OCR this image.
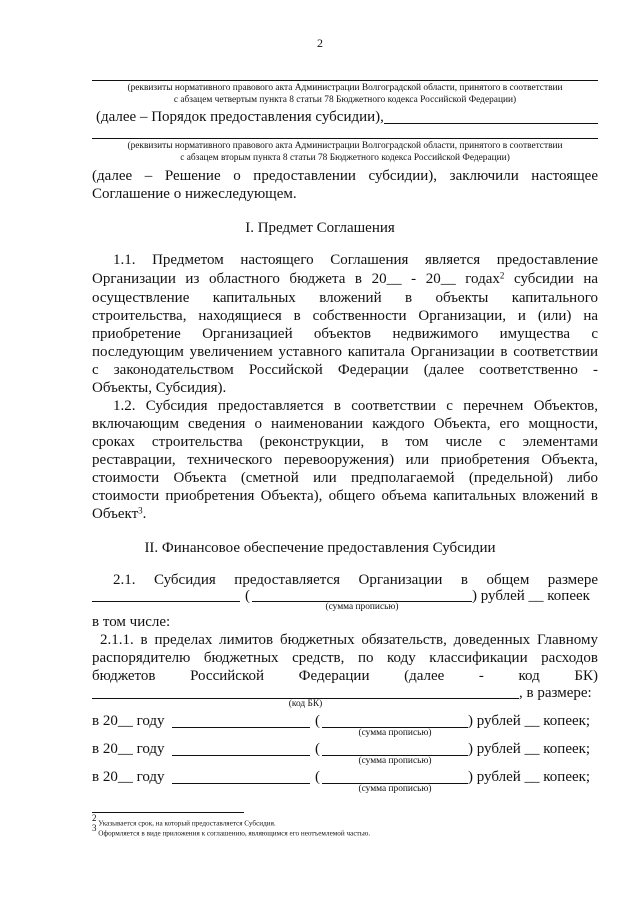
2
(реквизиты нормативного правового акта Администрации Волгоградской области, принятого в соответствии
с абзацем четвертым пункта 8 статьи 78 Бюджетного кодекса Российской Федерации)
(далее – Порядок предоставления субсидии),
(реквизиты нормативного правового акта Администрации Волгоградской области, принятого в соответствии
с абзацем вторым пункта 8 статьи 78 Бюджетного кодекса Российской Федерации)
(далее – Решение о предоставлении субсидии), заключили настоящее
Соглашение о нижеследующем.
I. Предмет Соглашения
1.1. Предметом настоящего Соглашения является предоставление
Организации из областного бюджета в 20__ - 20__ годах$^2$ субсидии на
осуществление капитальных вложений в объекты капитального
строительства, находящиеся в собственности Организации, и (или) на
приобретение Организацией объектов недвижимого имущества с
последующим увеличением уставного капитала Организации в соответствии
с законодательством Российской Федерации (далее соответственно -
Объекты, Субсидия).
1.2. Субсидия предоставляется в соответствии с перечнем Объектов,
включающим сведения о наименовании каждого Объекта, его мощности,
сроках строительства (реконструкции, в том числе с элементами
реставрации, технического перевооружения) или приобретения Объекта,
стоимости Объекта (сметной или предполагаемой (предельной) либо
стоимости приобретения Объекта), общего объема капитальных вложений в
Объект$^3$.
II. Финансовое обеспечение предоставления Субсидии
2.1. Субсидия предоставляется Организации в общем размере
(	) рублей __ копеек
(сумма прописью)
в том числе:
2.1.1. в пределах лимитов бюджетных обязательств, доведенных Главному
распорядителю бюджетных средств, по коду классификации расходов
бюджетов Российской Федерации (далее - код БК)
, в размере:
(код БК)
в 20__ году	(	) рублей __ копеек;
(сумма прописью)
в 20__ году	(	) рублей __ копеек;
(сумма прописью)
в 20__ году	(	) рублей __ копеек;
(сумма прописью)
$^2$ Указывается срок, на который предоставляется Субсидия.
$^3$ Оформляется в виде приложения к соглашению, являющимся его неотъемлемой частью.
